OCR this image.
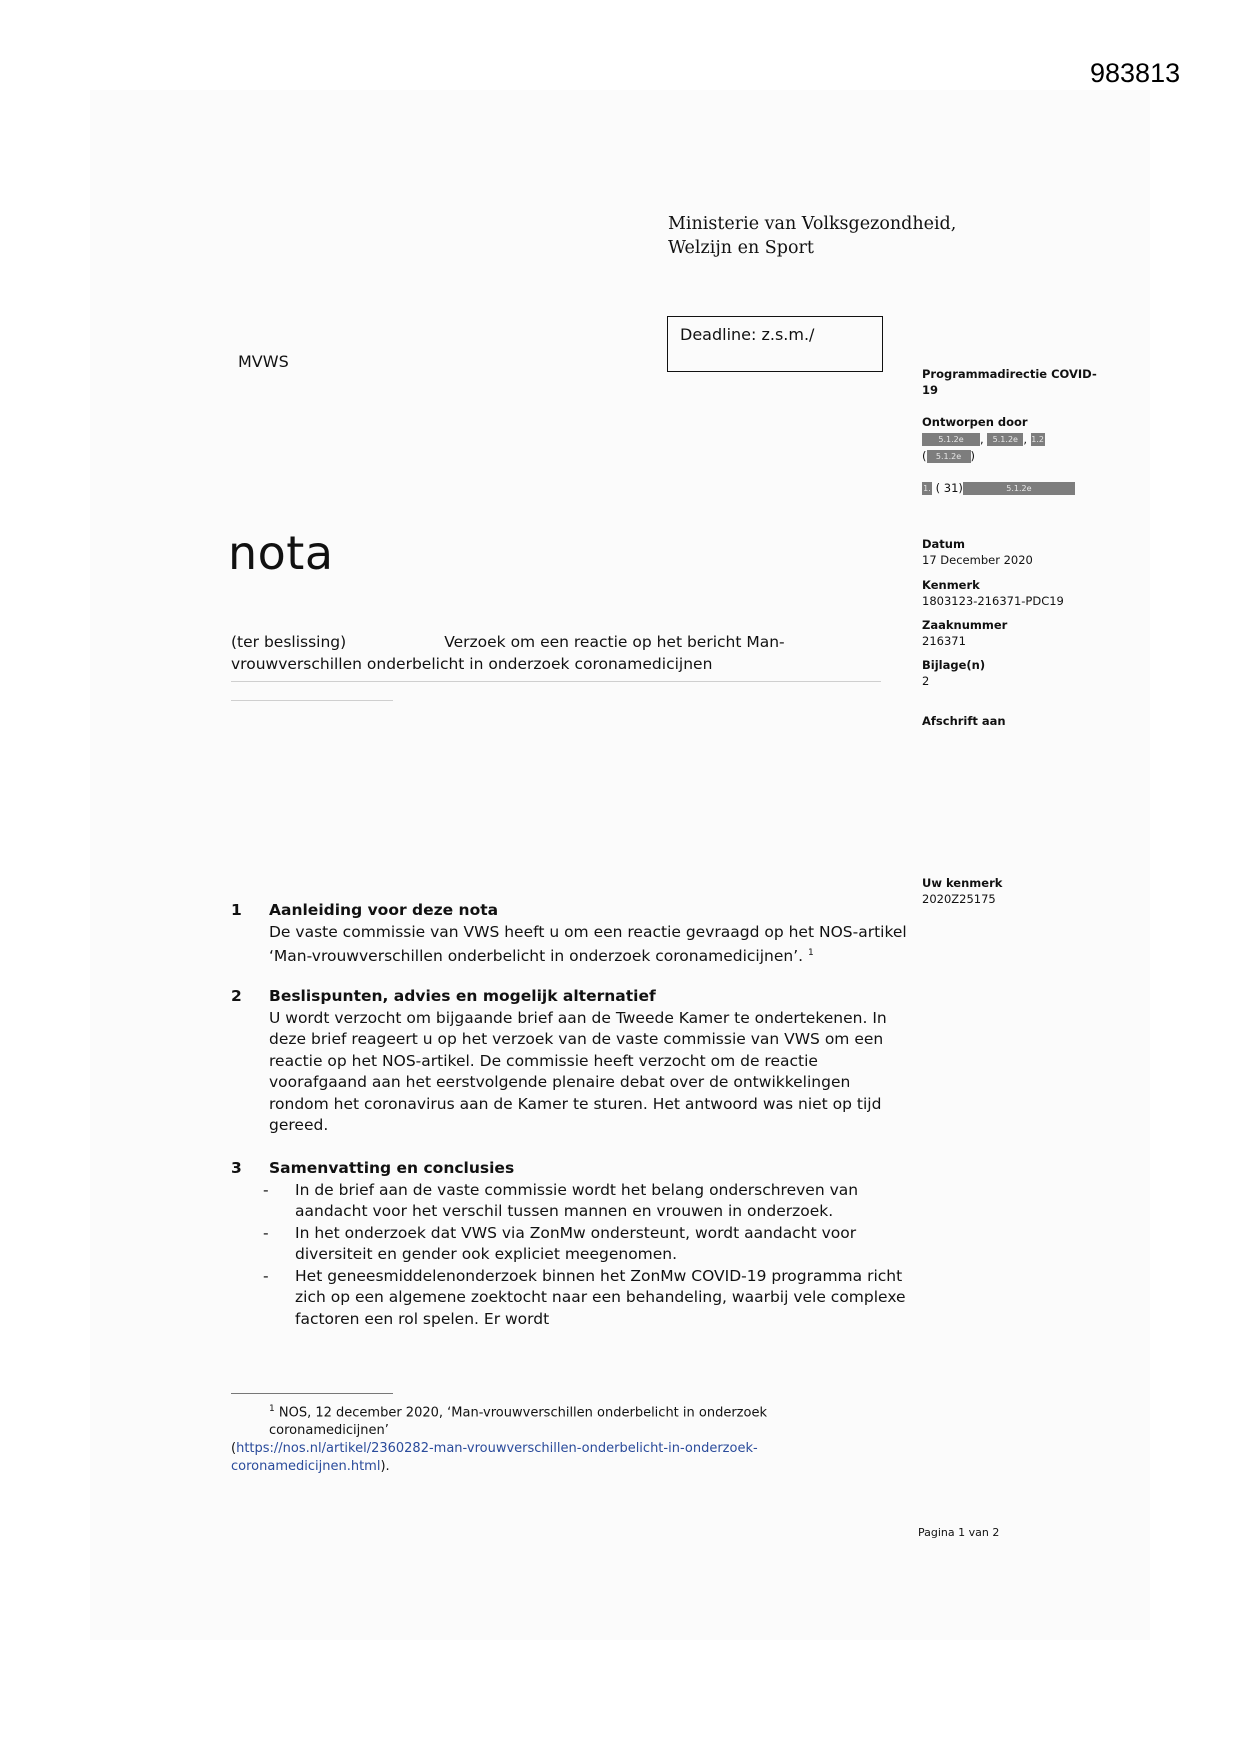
983813
Ministerie van Volksgezondheid,
Welzijn en Sport
Deadline: z.s.m./
MVWS
nota
(ter beslissing)	Verzoek om een reactie op het bericht Man-
vrouwverschillen onderbelicht in onderzoek coronamedicijnen
Programmadirectie COVID-
19
Ontworpen door
5.1.2e , 5.1.2e , 1.2
( 5.1.2e )
1. ( 31)	5.1.2e
Datum
17 December 2020
Kenmerk
1803123-216371-PDC19
Zaaknummer
216371
Bijlage(n)
2
Afschrift aan
Uw kenmerk
2020Z25175
1 Aanleiding voor deze nota
De vaste commissie van VWS heeft u om een reactie gevraagd op het NOS-artikel ‘Man-vrouwverschillen onderbelicht in onderzoek coronamedicijnen’. $^1$
2 Beslispunten, advies en mogelijk alternatief
U wordt verzocht om bijgaande brief aan de Tweede Kamer te ondertekenen. In deze brief reageert u op het verzoek van de vaste commissie van VWS om een reactie op het NOS-artikel. De commissie heeft verzocht om de reactie voorafgaand aan het eerstvolgende plenaire debat over de ontwikkelingen rondom het coronavirus aan de Kamer te sturen. Het antwoord was niet op tijd gereed.
3 Samenvatting en conclusies
- In de brief aan de vaste commissie wordt het belang onderschreven van aandacht voor het verschil tussen mannen en vrouwen in onderzoek.
- In het onderzoek dat VWS via ZonMw ondersteunt, wordt aandacht voor diversiteit en gender ook expliciet meegenomen.
- Het geneesmiddelenonderzoek binnen het ZonMw COVID-19 programma richt zich op een algemene zoektocht naar een behandeling, waarbij vele complexe factoren een rol spelen. Er wordt
$^1$ NOS, 12 december 2020, ‘Man-vrouwverschillen onderbelicht in onderzoek coronamedicijnen’
(https://nos.nl/artikel/2360282-man-vrouwverschillen-onderbelicht-in-onderzoek-coronamedicijnen.html).
Pagina 1 van 2
